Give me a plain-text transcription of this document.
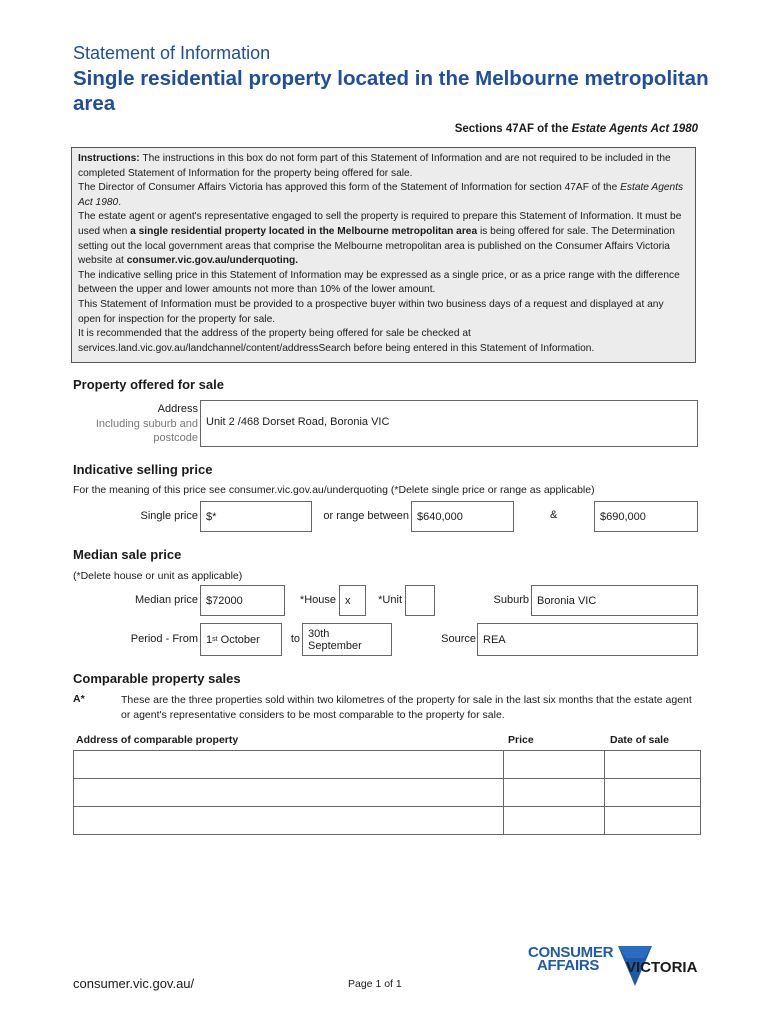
Statement of Information
Single residential property located in the Melbourne metropolitan area
Sections 47AF of the Estate Agents Act 1980

Instructions: The instructions in this box do not form part of this Statement of Information and are not required to be included in the completed Statement of Information for the property being offered for sale.

The Director of Consumer Affairs Victoria has approved this form of the Statement of Information for section 47AF of the Estate Agents Act 1980.

The estate agent or agent's representative engaged to sell the property is required to prepare this Statement of Information. It must be used when a single residential property located in the Melbourne metropolitan area is being offered for sale. The Determination setting out the local government areas that comprise the Melbourne metropolitan area is published on the Consumer Affairs Victoria website at consumer.vic.gov.au/underquoting.

The indicative selling price in this Statement of Information may be expressed as a single price, or as a price range with the difference between the upper and lower amounts not more than 10% of the lower amount.

This Statement of Information must be provided to a prospective buyer within two business days of a request and displayed at any open for inspection for the property for sale.

It is recommended that the address of the property being offered for sale be checked at services.land.vic.gov.au/landchannel/content/addressSearch before being entered in this Statement of Information.

Property offered for sale
Address
Including suburb and
postcode
Unit 2 /468 Dorset Road, Boronia VIC
Indicative selling price
For the meaning of this price see consumer.vic.gov.au/underquoting (*Delete single price or range as applicable)
Single price $*	or range between $640,000	&	$690,000
Median sale price
(*Delete house or unit as applicable)
Median price $72000	*House x	*Unit	Suburb Boronia VIC
Period - From 1 st October	to 30th September
Source REA
Comparable property sales
A*	These are the three properties sold within two kilometres of the property for sale in the last six months that the estate agent or agent's representative considers to be most comparable to the property for sale.
Address of comparable property	Price	Date of sale

consumer.vic.gov.au/	Page 1 of 1
CONSUMER
AFFAIRS VICTORIA
